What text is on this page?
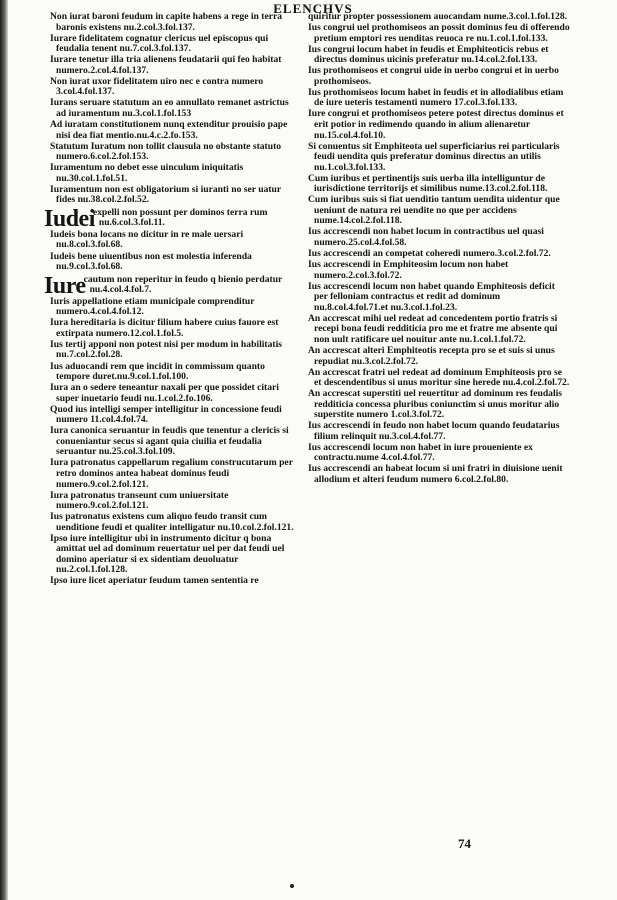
ELENCHVS
Non iurat baroni feudum in capite habens a rege in terra baronis existens nu.2.col.3.fol.137.
Iurare fidelitatem cognatur clericus uel episcopus qui feudalia tenent nu.7.col.3.fol.137.
Iurare tenetur illa tria alienens feudatarii qui feo habitat numero.2.col.4.fol.137.
Non iurat uxor fidelitatem uiro nec e contra numero 3.col.4.fol.137.
Iurans seruare statutum an eo annullato remanet astrictus ad iuramentum nu.3.col.1.fol.153
Ad iuratam constitutionem nunq extenditur prouisio pape nisi dea fiat mentio.nu.4.c.2.fo.153.
Statutum Iuratum non tollit clausula no obstante statuto numero.6.col.2.fol.153.
Iuramentum no debet esse uinculum iniquitatis nu.30.col.1.fol.51.
Iuramentum non est obligatorium si iuranti no ser uatur fides nu.38.col.2.fol.52.
Iudei
expelli non possunt per dominos terra rum nu.6.col.3.fol.11.
Iudeis bona locans no dicitur in re male uersari nu.8.col.3.fol.68.
Iudeis bene uiuentibus non est molestia inferenda nu.9.col.3.fol.68.
Iure
cautum non reperitur in feudo q bienio perdatur nu.4.col.4.fol.7.
Iuris appellatione etiam municipale comprenditur numero.4.col.4.fol.12.
Iura hereditaria is dicitur filium habere cuius fauore est extirpata numero.12.col.1.fol.5.
Ius tertij apponi non potest nisi per modum in habilitatis nu.7.col.2.fol.28.
Ius aduocandi rem que incidit in commissum quanto tempore duret.nu.9.col.1.fol.100.
Iura an o sedere teneantur naxali per que possidet citari super inuetario feudi nu.1.col.2.fo.106.
Quod ius intelligi semper intelligitur in concessione feudi numero 11.col.4.fol.74.
Iura canonica seruantur in feudis que tenentur a clericis si conueniantur secus si agant quia ciuilia et feudalia seruantur nu.25.col.3.fol.109.
Iura patronatus cappellarum regalium construcutarum per retro dominos antea habeat dominus feudi numero.9.col.2.fol.121.
Iura patronatus transeunt cum uniuersitate numero.9.col.2.fol.121.
Ius patronatus existens cum aliquo feudo transit cum uenditione feudi et qualiter intelligatur nu.10.col.2.fol.121.
Ipso iure intelligitur ubi in instrumento dicitur q bona amittat uel ad dominum reuertatur uel per dat feudi uel domino aperiatur si ex sidentiam deuoluatur nu.2.col.1.fol.128.
Ipso iure licet aperiatur feudum tamen sententia re
quiritur propter possessionem auocandam nume.3.col.1.fol.128.
Ius congrui uel prothomiseos an possit dominus feu di offerendo pretium emptori res uenditas reuoca re nu.1.col.1.fol.133.
Ius congrui locum habet in feudis et Emphiteoticis rebus et directus dominus uicinis preferatur nu.14.col.2.fol.133.
Ius prothomiseos et congrui uide in uerbo congrui et in uerbo prothomiseos.
Ius prothomiseos locum habet in feudis et in allodialibus etiam de iure ueteris testamenti numero 17.col.3.fol.133.
Iure congrui et prothomiseos petere potest directus dominus et erit potior in redimendo quando in alium alienaretur nu.15.col.4.fol.10.
Si conuentus sit Emphiteota uel superficiarius rei particularis feudi uendita quis preferatur dominus directus an utilis nu.1.col.3.fol.133.
Cum iuribus et pertinentijs suis uerba illa intelliguntur de iurisdictione territorijs et similibus nume.13.col.2.fol.118.
Cum iuribus suis si fiat uenditio tantum uendita uidentur que ueniunt de natura rei uendite no que per accidens nume.14.col.2.fol.118.
Ius accrescendi non habet locum in contractibus uel quasi numero.25.col.4.fol.58.
Ius accrescendi an competat coheredi numero.3.col.2.fol.72.
Ius accrescendi in Emphiteosim locum non habet numero.2.col.3.fol.72.
Ius accrescendi locum non habet quando Emphiteosis deficit per felloniam contractus et redit ad dominum nu.8.col.4.fol.71.et nu.3.col.1.fol.23.
An accrescat mihi uel redeat ad concedentem portio fratris si recepi bona feudi redditicia pro me et fratre me absente qui non uult ratificare uel nouitur ante nu.1.col.1.fol.72.
An accrescat alteri Emphiteotis recepta pro se et suis si unus repudiat nu.3.col.2.fol.72.
An accrescat fratri uel redeat ad dominum Emphiteosis pro se et descendentibus si unus moritur sine herede nu.4.col.2.fol.72.
An accrescat superstiti uel reuertitur ad dominum res feudalis redditicia concessa pluribus coniunctim si unus moritur alio superstite numero 1.col.3.fol.72.
Ius accrescendi in feudo non habet locum quando feudatarius filium relinquit nu.3.col.4.fol.77.
Ius accrescendi locum non habet in iure proueniente ex contractu.nume 4.col.4.fol.77.
Ius accrescendi an habeat locum si uni fratri in diuisione uenit allodium et alteri feudum numero 6.col.2.fol.80.
74
